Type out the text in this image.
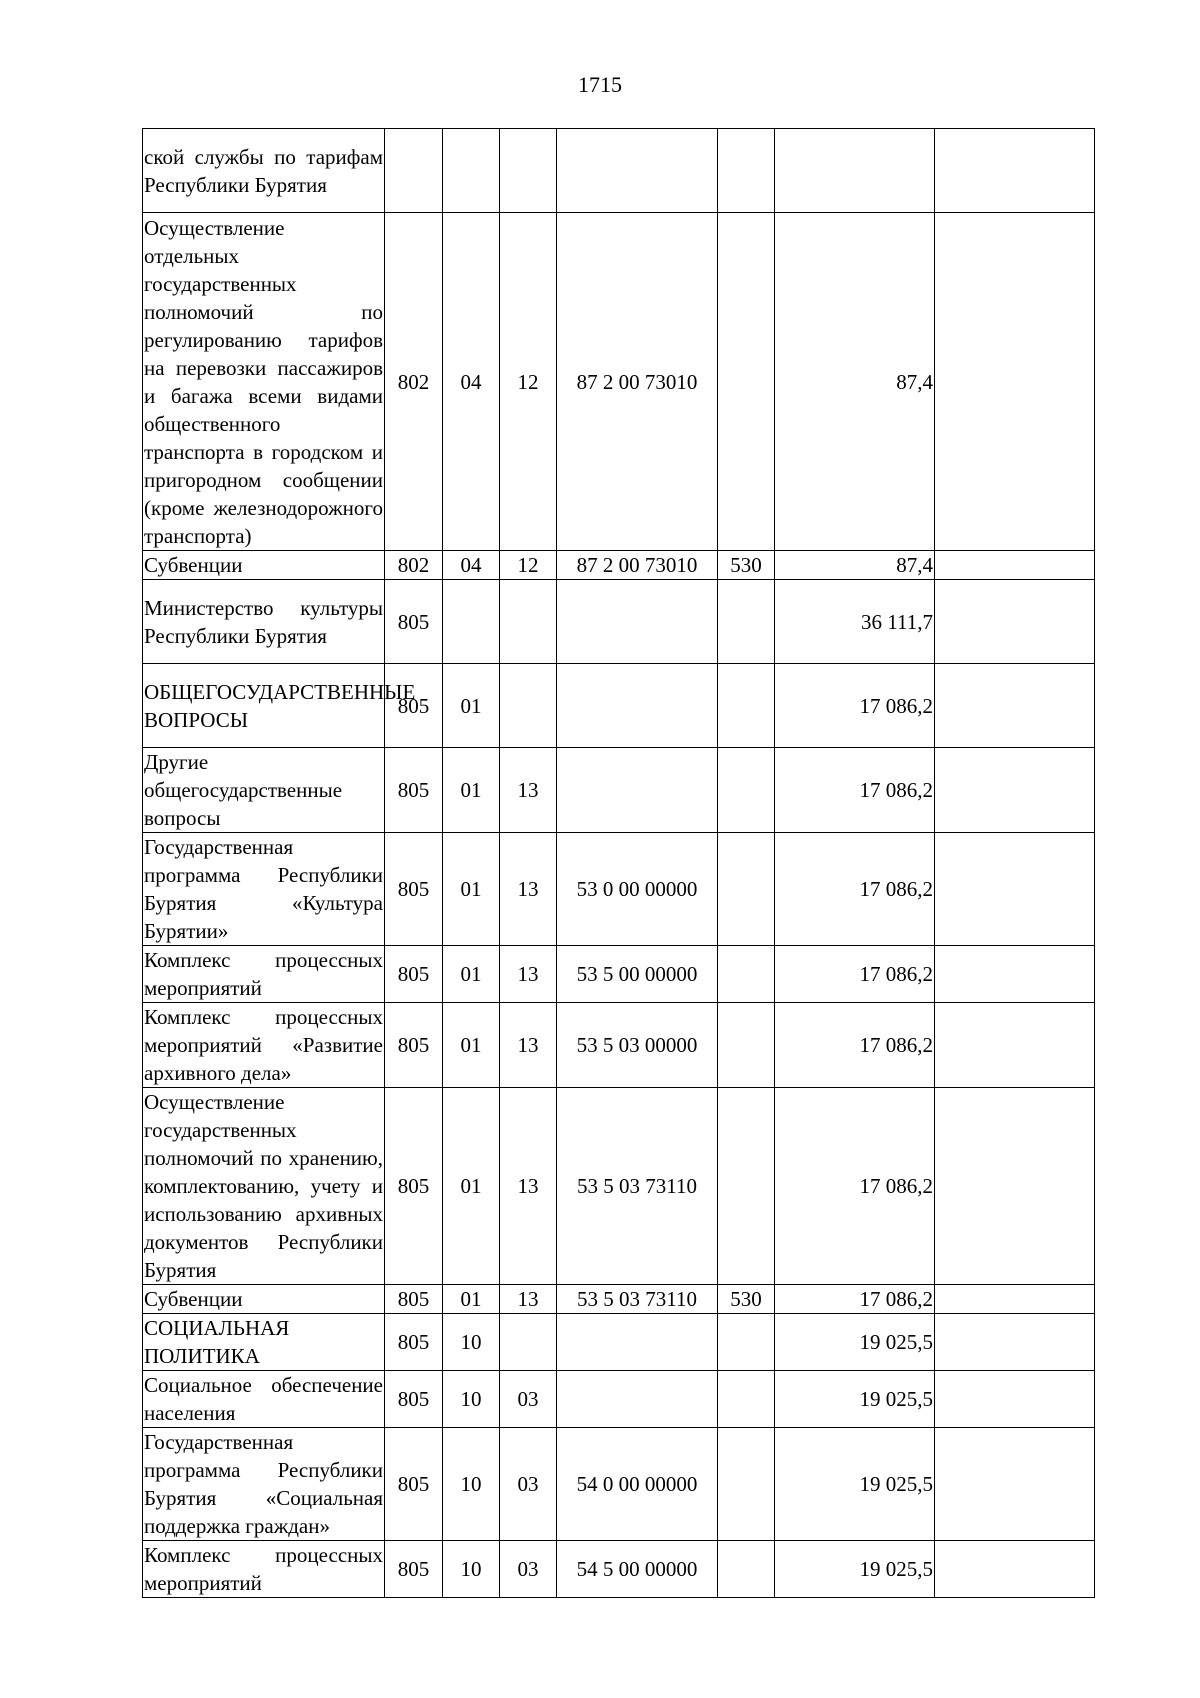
1715
ской службы по тарифам Республики Бурятия							
Осуществление отдельных государственных полномочий по регулированию тарифов на перевозки пассажиров и багажа всеми видами общественного транспорта в городском и пригородном сообщении (кроме железнодорожного транспорта)	802	04	12	87 2 00 73010		87,4	
Субвенции	802	04	12	87 2 00 73010	530	87,4	
Министерство культуры Республики Бурятия	805					36 111,7	
ОБЩЕГОСУДАРСТВЕННЫЕ ВОПРОСЫ	805	01				17 086,2	
Другие общегосударственные вопросы	805	01	13			17 086,2	
Государственная программа Республики Бурятия «Культура Бурятии»	805	01	13	53 0 00 00000		17 086,2	
Комплекс процессных мероприятий	805	01	13	53 5 00 00000		17 086,2	
Комплекс процессных мероприятий «Развитие архивного дела»	805	01	13	53 5 03 00000		17 086,2	
Осуществление государственных полномочий по хранению, комплектованию, учету и использованию архивных документов Республики Бурятия	805	01	13	53 5 03 73110		17 086,2	
Субвенции	805	01	13	53 5 03 73110	530	17 086,2	
СОЦИАЛЬНАЯ ПОЛИТИКА	805	10				19 025,5	
Социальное обеспечение населения	805	10	03			19 025,5	
Государственная программа Республики Бурятия «Социальная поддержка граждан»	805	10	03	54 0 00 00000		19 025,5	
Комплекс процессных мероприятий	805	10	03	54 5 00 00000		19 025,5	
